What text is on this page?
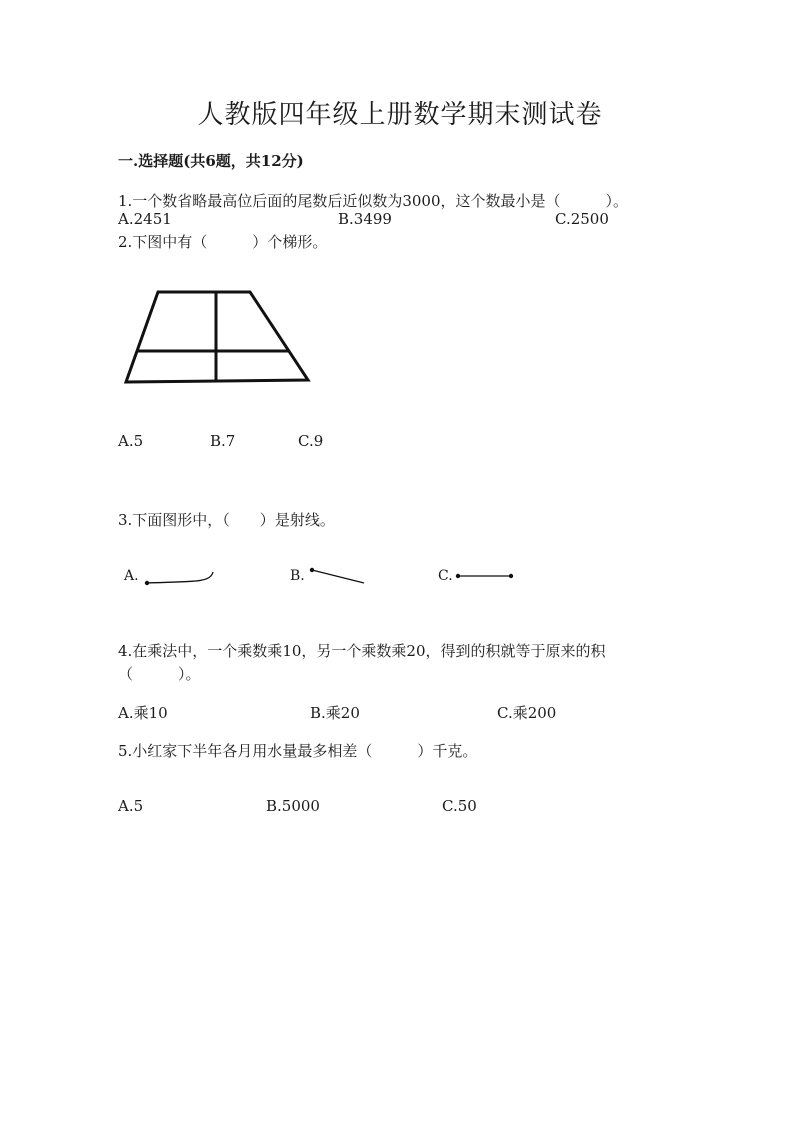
人教版四年级上册数学期末测试卷
一.选择题(共6题，共12分)
1.一个数省略最高位后面的尾数后近似数为3000，这个数最小是（　　　）。
A.2451	B.3499	C.2500
2.下图中有（　　　）个梯形。
A.5	B.7	C.9
3.下面图形中，（　　）是射线。
A.	B.	C.
4.在乘法中，一个乘数乘10，另一个乘数乘20，得到的积就等于原来的积
（　　　）。
A.乘10	B.乘20	C.乘200
5.小红家下半年各月用水量最多相差（　　　）千克。
A.5	B.5000	C.50
